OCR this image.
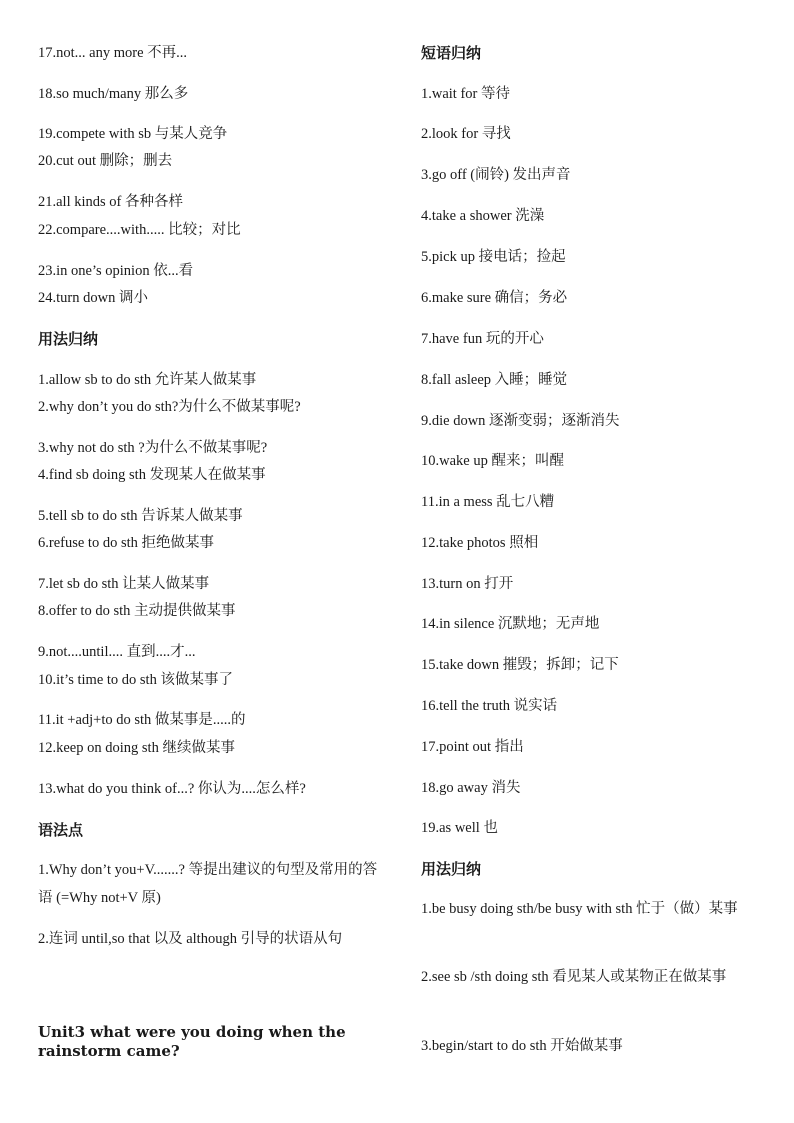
17.not... any more 不再...
18.so much/many 那么多
19.compete with sb 与某人竞争
20.cut out 删除；删去
21.all kinds of 各种各样
22.compare....with..... 比较；对比
23.in one’s opinion 依...看
24.turn down 调小
用法归纳
1.allow sb to do sth 允许某人做某事
2.why don’t you do sth?为什么不做某事呢?
3.why not do sth ?为什么不做某事呢?
4.find sb doing sth 发现某人在做某事
5.tell sb to do sth 告诉某人做某事
6.refuse to do sth 拒绝做某事
7.let sb do sth 让某人做某事
8.offer to do sth 主动提供做某事
9.not....until.... 直到....才...
10.it’s time to do sth 该做某事了
11.it +adj+to do sth 做某事是.....的
12.keep on doing sth 继续做某事
13.what do you think of...? 你认为....怎么样?
语法点
1.Why don’t you+V.......? 等提出建议的句型及常用的答语 (=Why not+V 原)
2.连词 until,so that 以及 although 引导的状语从句
Unit3 what were you doing when the rainstorm came?
短语归纳
1.wait for 等待
2.look for 寻找
3.go off (闹铃) 发出声音
4.take a shower 洗澡
5.pick up 接电话；捡起
6.make sure 确信；务必
7.have fun 玩的开心
8.fall asleep 入睡；睡觉
9.die down 逐渐变弱；逐渐消失
10.wake up 醒来；叫醒
11.in a mess 乱七八糟
12.take photos 照相
13.turn on 打开
14.in silence 沉默地；无声地
15.take down 摧毁；拆卸；记下
16.tell the truth 说实话
17.point out 指出
18.go away 消失
19.as well 也
用法归纳
1.be busy doing sth/be busy with sth 忙于（做）某事
2.see sb /sth doing sth 看见某人或某物正在做某事
3.begin/start to do sth 开始做某事
